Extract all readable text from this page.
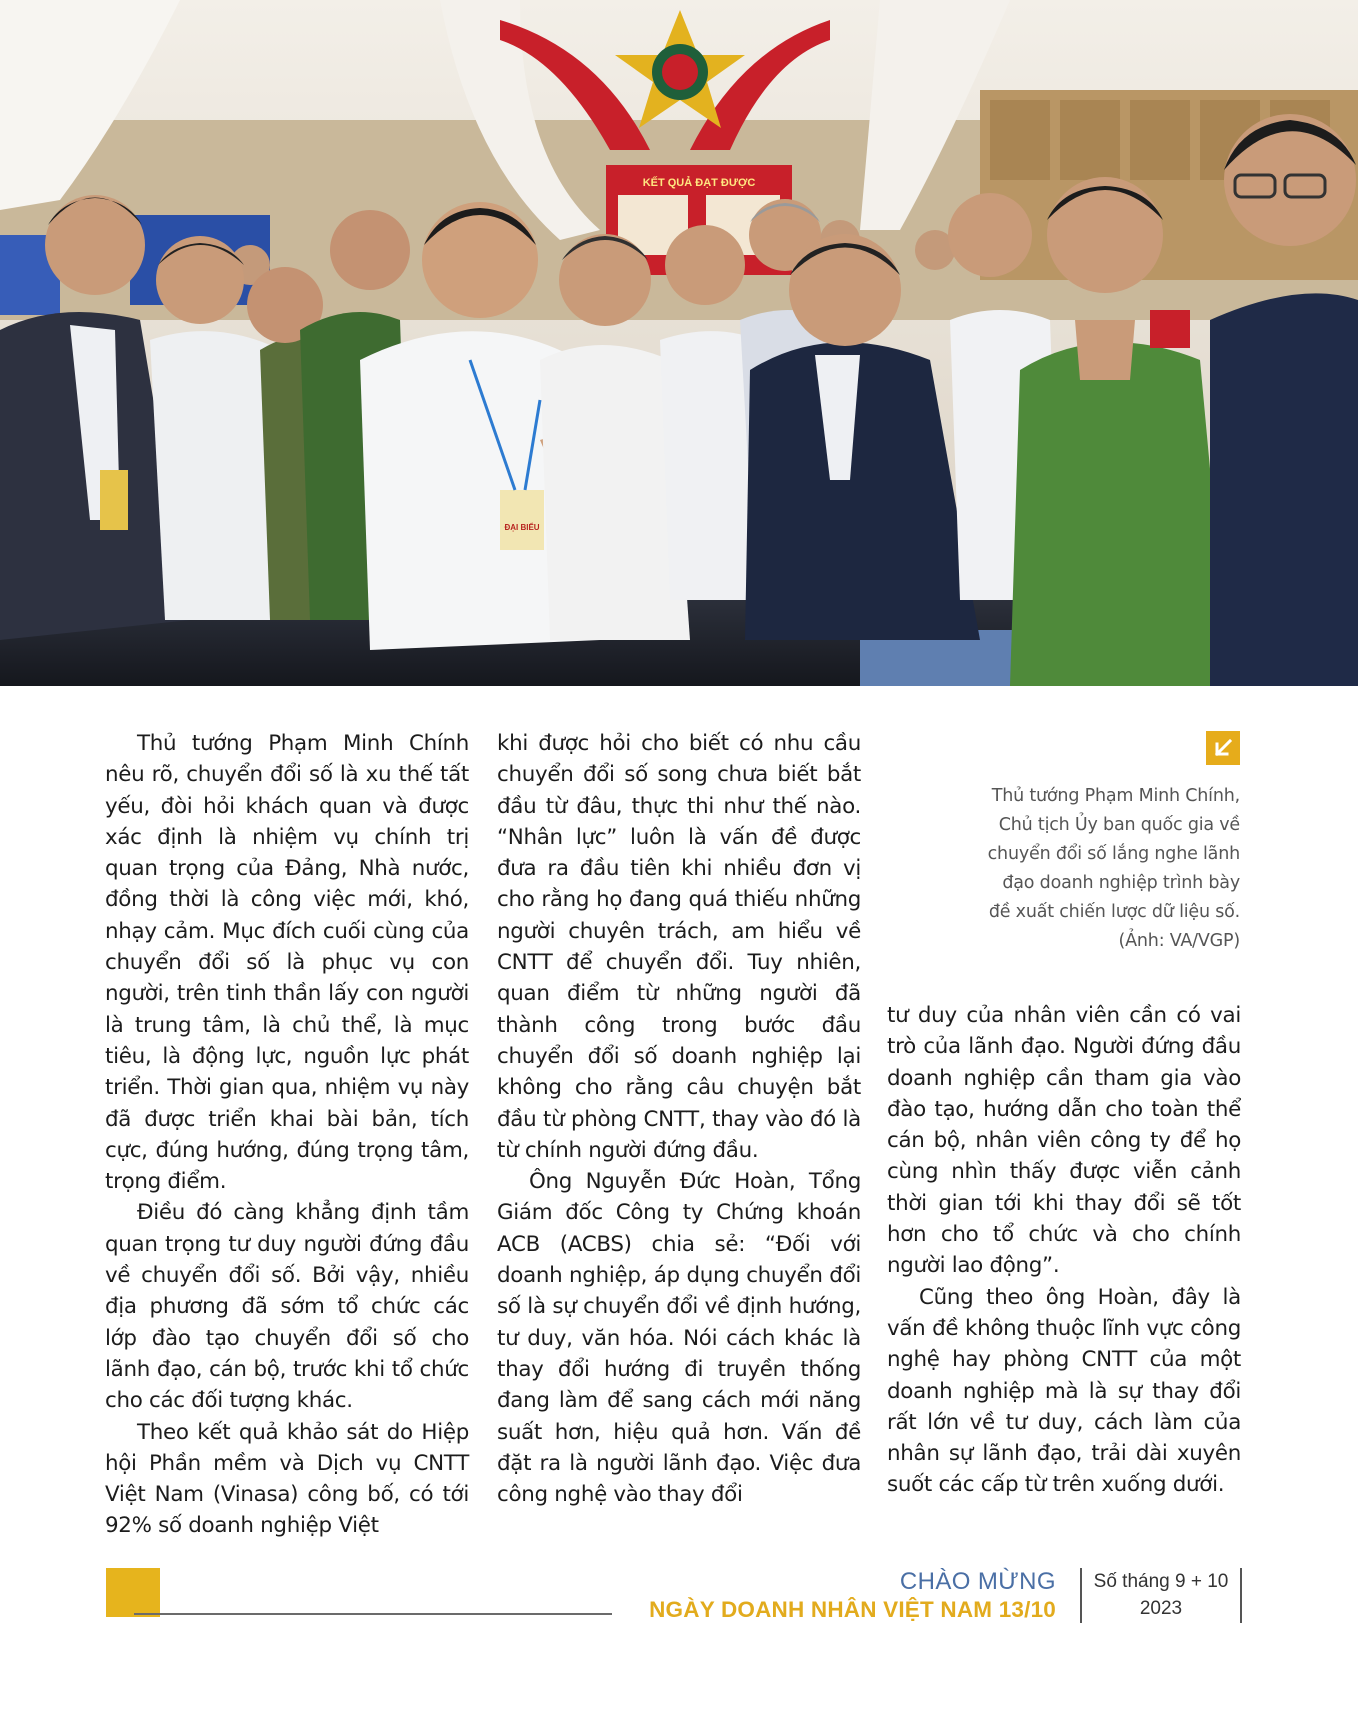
KẾT QUẢ ĐẠT ĐƯỢC
ĐẠI BIỂU

Thủ tướng Phạm Minh Chính nêu rõ, chuyển đổi số là xu thế tất yếu, đòi hỏi khách quan và được xác định là nhiệm vụ chính trị quan trọng của Đảng, Nhà nước, đồng thời là công việc mới, khó, nhạy cảm. Mục đích cuối cùng của chuyển đổi số là phục vụ con người, trên tinh thần lấy con người là trung tâm, là chủ thể, là mục tiêu, là động lực, nguồn lực phát triển. Thời gian qua, nhiệm vụ này đã được triển khai bài bản, tích cực, đúng hướng, đúng trọng tâm, trọng điểm.

Điều đó càng khẳng định tầm quan trọng tư duy người đứng đầu về chuyển đổi số. Bởi vậy, nhiều địa phương đã sớm tổ chức các lớp đào tạo chuyển đổi số cho lãnh đạo, cán bộ, trước khi tổ chức cho các đối tượng khác.

Theo kết quả khảo sát do Hiệp hội Phần mềm và Dịch vụ CNTT Việt Nam (Vinasa) công bố, có tới 92% số doanh nghiệp Việt

khi được hỏi cho biết có nhu cầu chuyển đổi số song chưa biết bắt đầu từ đâu, thực thi như thế nào. “Nhân lực” luôn là vấn đề được đưa ra đầu tiên khi nhiều đơn vị cho rằng họ đang quá thiếu những người chuyên trách, am hiểu về CNTT để chuyển đổi. Tuy nhiên, quan điểm từ những người đã thành công trong bước đầu chuyển đổi số doanh nghiệp lại không cho rằng câu chuyện bắt đầu từ phòng CNTT, thay vào đó là từ chính người đứng đầu.

Ông Nguyễn Đức Hoàn, Tổng Giám đốc Công ty Chứng khoán ACB (ACBS) chia sẻ: “Đối với doanh nghiệp, áp dụng chuyển đổi số là sự chuyển đổi về định hướng, tư duy, văn hóa. Nói cách khác là thay đổi hướng đi truyền thống đang làm để sang cách mới năng suất hơn, hiệu quả hơn. Vấn đề đặt ra là người lãnh đạo. Việc đưa công nghệ vào thay đổi

tư duy của nhân viên cần có vai trò của lãnh đạo. Người đứng đầu doanh nghiệp cần tham gia vào đào tạo, hướng dẫn cho toàn thể cán bộ, nhân viên công ty để họ cùng nhìn thấy được viễn cảnh thời gian tới khi thay đổi sẽ tốt hơn cho tổ chức và cho chính người lao động”.

Cũng theo ông Hoàn, đây là vấn đề không thuộc lĩnh vực công nghệ hay phòng CNTT của một doanh nghiệp mà là sự thay đổi rất lớn về tư duy, cách làm của nhân sự lãnh đạo, trải dài xuyên suốt các cấp từ trên xuống dưới.

Thủ tướng Phạm Minh Chính,
Chủ tịch Ủy ban quốc gia về
chuyển đổi số lắng nghe lãnh
đạo doanh nghiệp trình bày
đề xuất chiến lược dữ liệu số.
(Ảnh: VA/VGP)
CHÀO MỪNG
NGÀY DOANH NHÂN VIỆT NAM 13/10
Số tháng 9 + 10
2023
